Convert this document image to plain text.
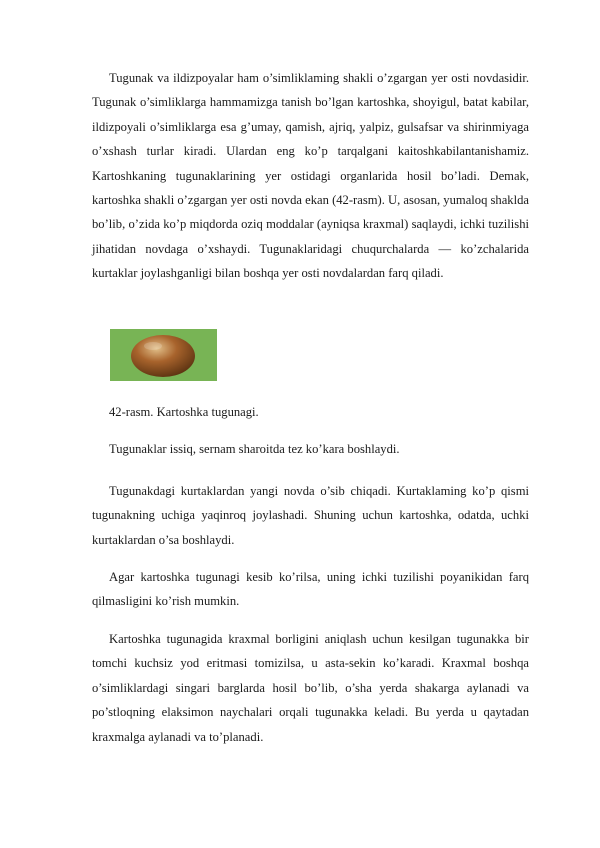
Tugunak va ildizpoyalar ham o’simliklaming shakli o’zgargan yer osti novdasidir. Tugunak o’simliklarga hammamizga tanish bo’lgan kartoshka, shoyigul, batat kabilar, ildizpoyali o’simliklarga esa g’umay, qamish, ajriq, yalpiz, gulsafsar va shirinmiyaga o’xshash turlar kiradi. Ulardan eng ko’p tarqalgani kaitoshkabilantanishamiz. Kartoshkaning tugunaklarining yer ostidagi organlarida hosil bo’ladi. Demak, kartoshka shakli o’zgargan yer osti novda ekan (42-rasm). U, asosan, yumaloq shaklda bo’lib, o’zida ko’p miqdorda oziq moddalar (ayniqsa kraxmal) saqlaydi, ichki tuzilishi jihatidan novdaga o’xshaydi. Tugunaklaridagi chuqurchalarda — ko’zchalarida kurtaklar joylashganligi bilan boshqa yer osti novdalardan farq qiladi.

42-rasm. Kartoshka tugunagi.

Tugunaklar issiq, sernam sharoitda tez ko’kara boshlaydi.

Tugunakdagi kurtaklardan yangi novda o’sib chiqadi. Kurtaklaming ko’p qismi tugunakning uchiga yaqinroq joylashadi. Shuning uchun kartoshka, odatda, uchki kurtaklardan o’sa boshlaydi.

Agar kartoshka tugunagi kesib ko’rilsa, uning ichki tuzilishi poyanikidan farq qilmasligini ko’rish mumkin.

Kartoshka tugunagida kraxmal borligini aniqlash uchun kesilgan tugunakka bir tomchi kuchsiz yod eritmasi tomizilsa, u asta-sekin ko’karadi. Kraxmal boshqa o’simliklardagi singari barglarda hosil bo’lib, o’sha yerda shakarga aylanadi va po’stloqning elaksimon naychalari orqali tugunakka keladi. Bu yerda u qaytadan kraxmalga aylanadi va to’planadi.
